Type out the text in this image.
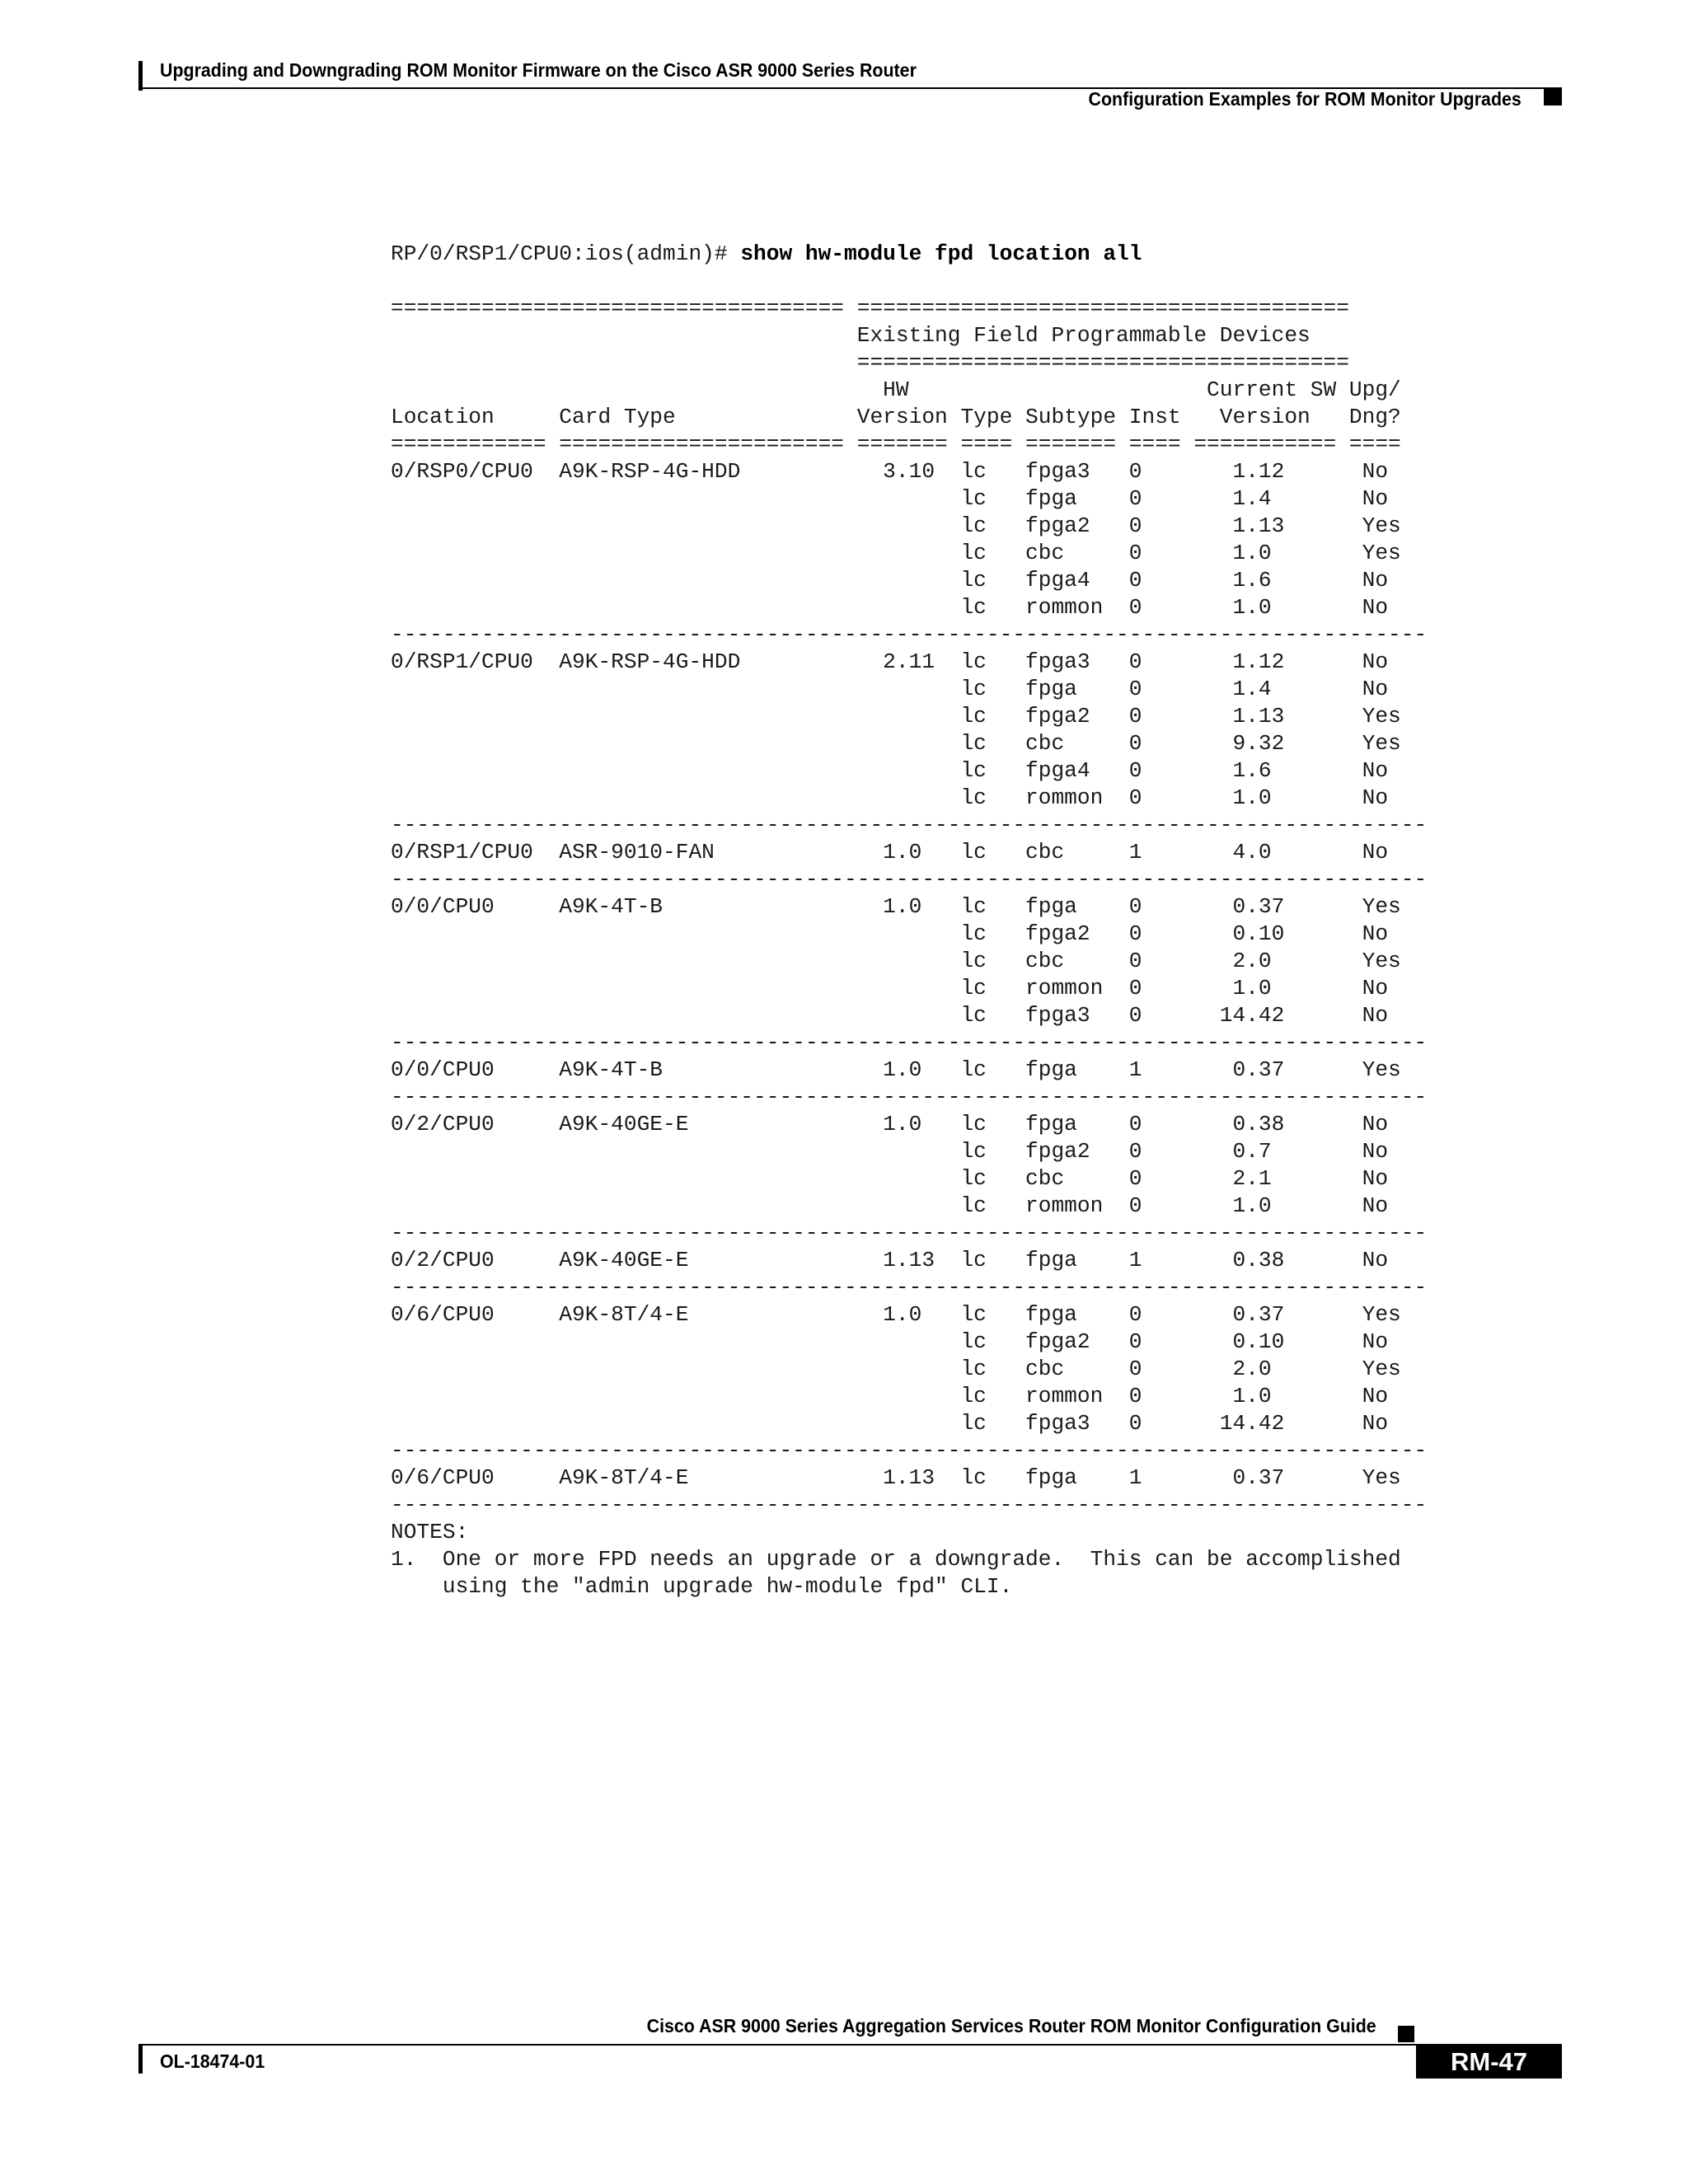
Upgrading and Downgrading ROM Monitor Firmware on the Cisco ASR 9000 Series Router
Configuration Examples for ROM Monitor Upgrades
RP/0/RSP1/CPU0:ios(admin)# show hw-module fpd location all

=================================== ======================================
Existing Field Programmable Devices
======================================
HW                       Current SW Upg/
Location     Card Type              Version Type Subtype Inst   Version   Dng?
============ ====================== ======= ==== ======= ==== =========== ====
0/RSP0/CPU0  A9K-RSP-4G-HDD           3.10  lc   fpga3   0       1.12      No
lc   fpga    0       1.4       No
lc   fpga2   0       1.13      Yes
lc   cbc     0       1.0       Yes
lc   fpga4   0       1.6       No
lc   rommon  0       1.0       No
--------------------------------------------------------------------------------
0/RSP1/CPU0  A9K-RSP-4G-HDD           2.11  lc   fpga3   0       1.12      No
lc   fpga    0       1.4       No
lc   fpga2   0       1.13      Yes
lc   cbc     0       9.32      Yes
lc   fpga4   0       1.6       No
lc   rommon  0       1.0       No
--------------------------------------------------------------------------------
0/RSP1/CPU0  ASR-9010-FAN             1.0   lc   cbc     1       4.0       No
--------------------------------------------------------------------------------
0/0/CPU0     A9K-4T-B                 1.0   lc   fpga    0       0.37      Yes
lc   fpga2   0       0.10      No
lc   cbc     0       2.0       Yes
lc   rommon  0       1.0       No
lc   fpga3   0      14.42      No
--------------------------------------------------------------------------------
0/0/CPU0     A9K-4T-B                 1.0   lc   fpga    1       0.37      Yes
--------------------------------------------------------------------------------
0/2/CPU0     A9K-40GE-E               1.0   lc   fpga    0       0.38      No
lc   fpga2   0       0.7       No
lc   cbc     0       2.1       No
lc   rommon  0       1.0       No
--------------------------------------------------------------------------------
0/2/CPU0     A9K-40GE-E               1.13  lc   fpga    1       0.38      No
--------------------------------------------------------------------------------
0/6/CPU0     A9K-8T/4-E               1.0   lc   fpga    0       0.37      Yes
lc   fpga2   0       0.10      No
lc   cbc     0       2.0       Yes
lc   rommon  0       1.0       No
lc   fpga3   0      14.42      No
--------------------------------------------------------------------------------
0/6/CPU0     A9K-8T/4-E               1.13  lc   fpga    1       0.37      Yes
--------------------------------------------------------------------------------
NOTES:
1.  One or more FPD needs an upgrade or a downgrade.  This can be accomplished
using the "admin upgrade hw-module fpd" CLI.
Cisco ASR 9000 Series Aggregation Services Router ROM Monitor Configuration Guide
OL-18474-01	RM-47
